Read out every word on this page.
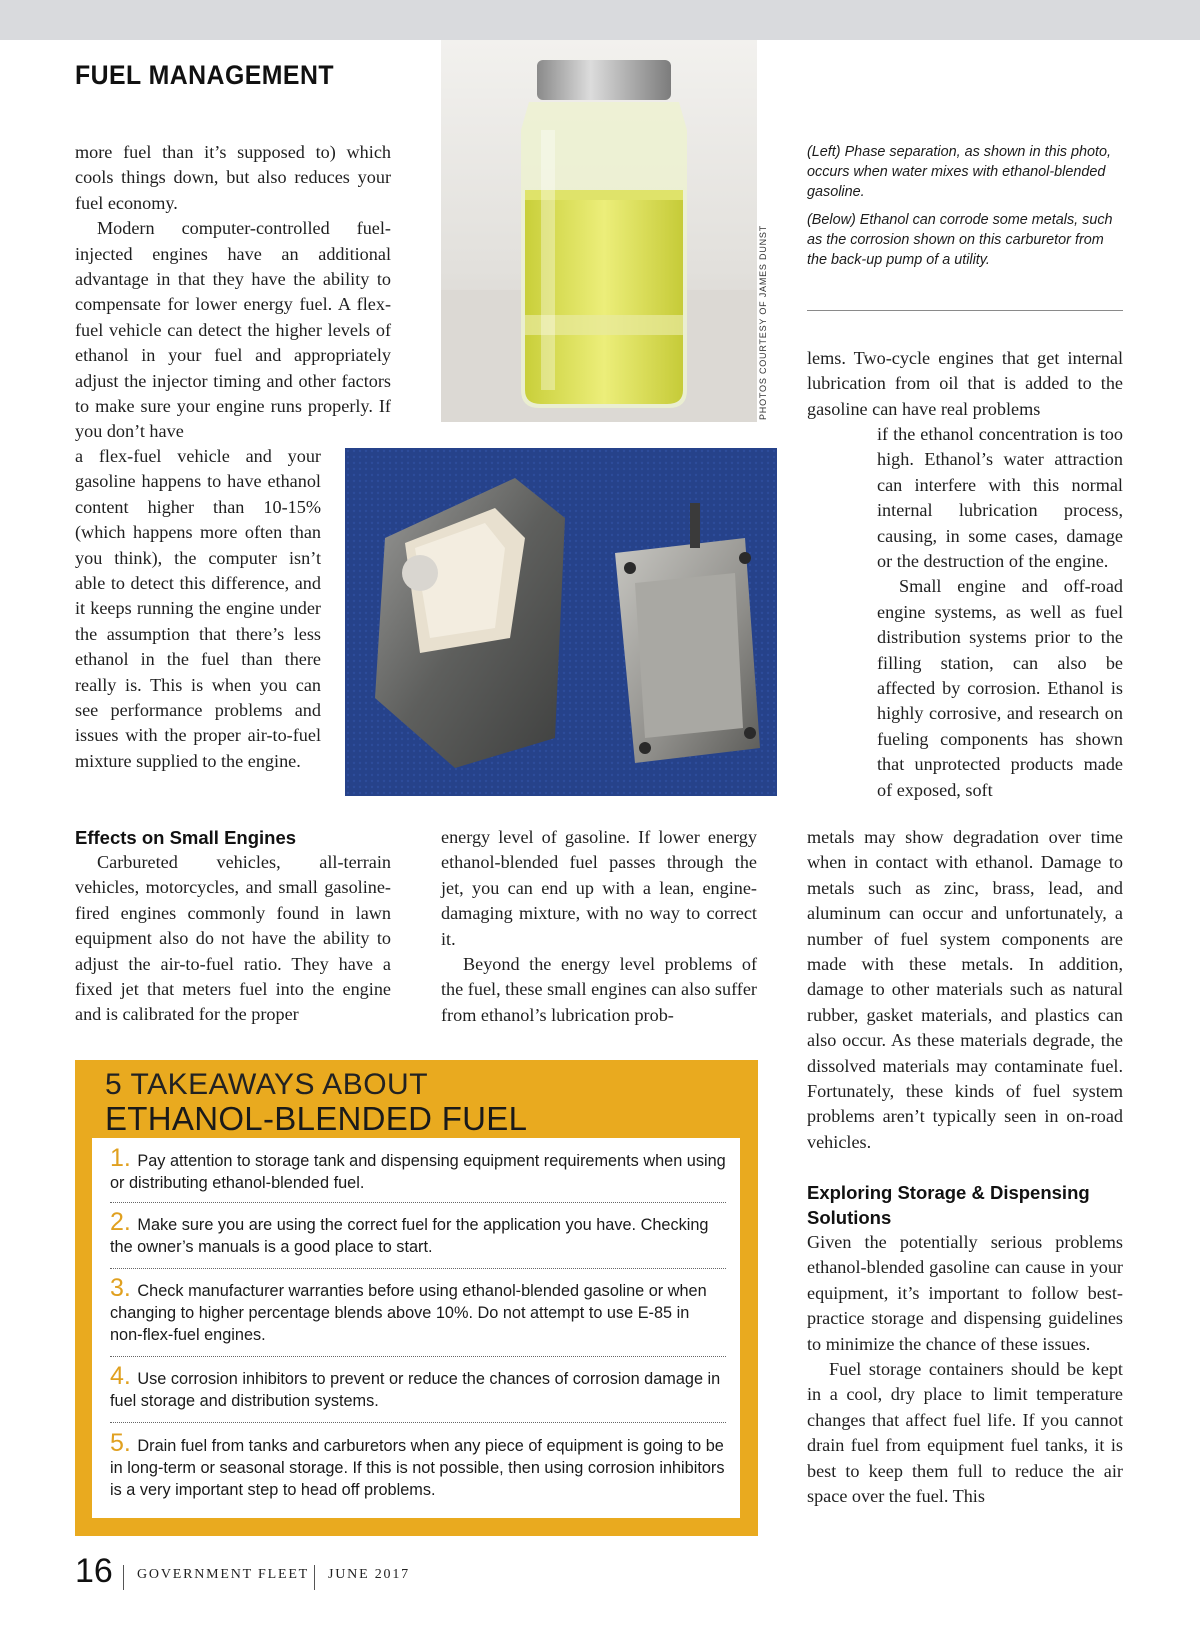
FUEL MANAGEMENT

more fuel than it’s supposed to) which cools things down, but also reduces your fuel economy.

Modern computer-controlled fuel-injected engines have an additional advantage in that they have the ability to compensate for lower energy fuel. A flex-fuel vehicle can detect the higher levels of ethanol in your fuel and appropriately adjust the injector timing and other factors to make sure your engine runs properly. If you don’t have

a flex-fuel vehicle and your gasoline happens to have ethanol content higher than 10-15% (which happens more often than you think), the computer isn’t able to detect this difference, and it keeps running the engine under the assumption that there’s less ethanol in the fuel than there really is. This is when you can see performance problems and issues with the proper air-to-fuel mixture supplied to the engine.

Effects on Small Engines

Carbureted vehicles, all-terrain vehicles, motorcycles, and small gasoline-fired engines commonly found in lawn equipment also do not have the ability to adjust the air-to-fuel ratio. They have a fixed jet that meters fuel into the engine and is calibrated for the proper

energy level of gasoline. If lower energy ethanol-blended fuel passes through the jet, you can end up with a lean, engine-damaging mixture, with no way to correct it.

Beyond the energy level problems of the fuel, these small engines can also suffer from ethanol’s lubrication prob-

PHOTOS COURTESY OF JAMES DUNST

(Left) Phase separation, as shown in this photo, occurs when water mixes with ethanol-blended gasoline.

(Below) Ethanol can corrode some metals, such as the corrosion shown on this carburetor from the back-up pump of a utility.

lems. Two-cycle engines that get internal lubrication from oil that is added to the gasoline can have real problems

if the ethanol concentration is too high. Ethanol’s water attraction can interfere with this normal internal lubrication process, causing, in some cases, damage or the destruction of the engine.

Small engine and off-road engine systems, as well as fuel distribution systems prior to the filling station, can also be affected by corrosion. Ethanol is highly corrosive, and research on fueling components has shown that unprotected products made of exposed, soft

metals may show degradation over time when in contact with ethanol. Damage to metals such as zinc, brass, lead, and aluminum can occur and unfortunately, a number of fuel system components are made with these metals. In addition, damage to other materials such as natural rubber, gasket materials, and plastics can also occur. As these materials degrade, the dissolved materials may contaminate fuel. Fortunately, these kinds of fuel system problems aren’t typically seen in on-road vehicles.

Exploring Storage & Dispensing Solutions

Given the potentially serious problems ethanol-blended gasoline can cause in your equipment, it’s important to follow best-practice storage and dispensing guidelines to minimize the chance of these issues.

Fuel storage containers should be kept in a cool, dry place to limit temperature changes that affect fuel life. If you cannot drain fuel from equipment fuel tanks, it is best to keep them full to reduce the air space over the fuel. This

5 TAKEAWAYS ABOUT
ETHANOL-BLENDED FUEL
1. Pay attention to storage tank and dispensing equipment requirements when using or distributing ethanol-blended fuel.
2. Make sure you are using the correct fuel for the application you have. Checking the owner’s manuals is a good place to start.
3. Check manufacturer warranties before using ethanol-blended gasoline or when changing to higher percentage blends above 10%. Do not attempt to use E-85 in non-flex-fuel engines.
4. Use corrosion inhibitors to prevent or reduce the chances of corrosion damage in fuel storage and distribution systems.
5. Drain fuel from tanks and carburetors when any piece of equipment is going to be in long-term or seasonal storage. If this is not possible, then using corrosion inhibitors is a very important step to head off problems.
16 GOVERNMENT FLEET JUNE 2017
